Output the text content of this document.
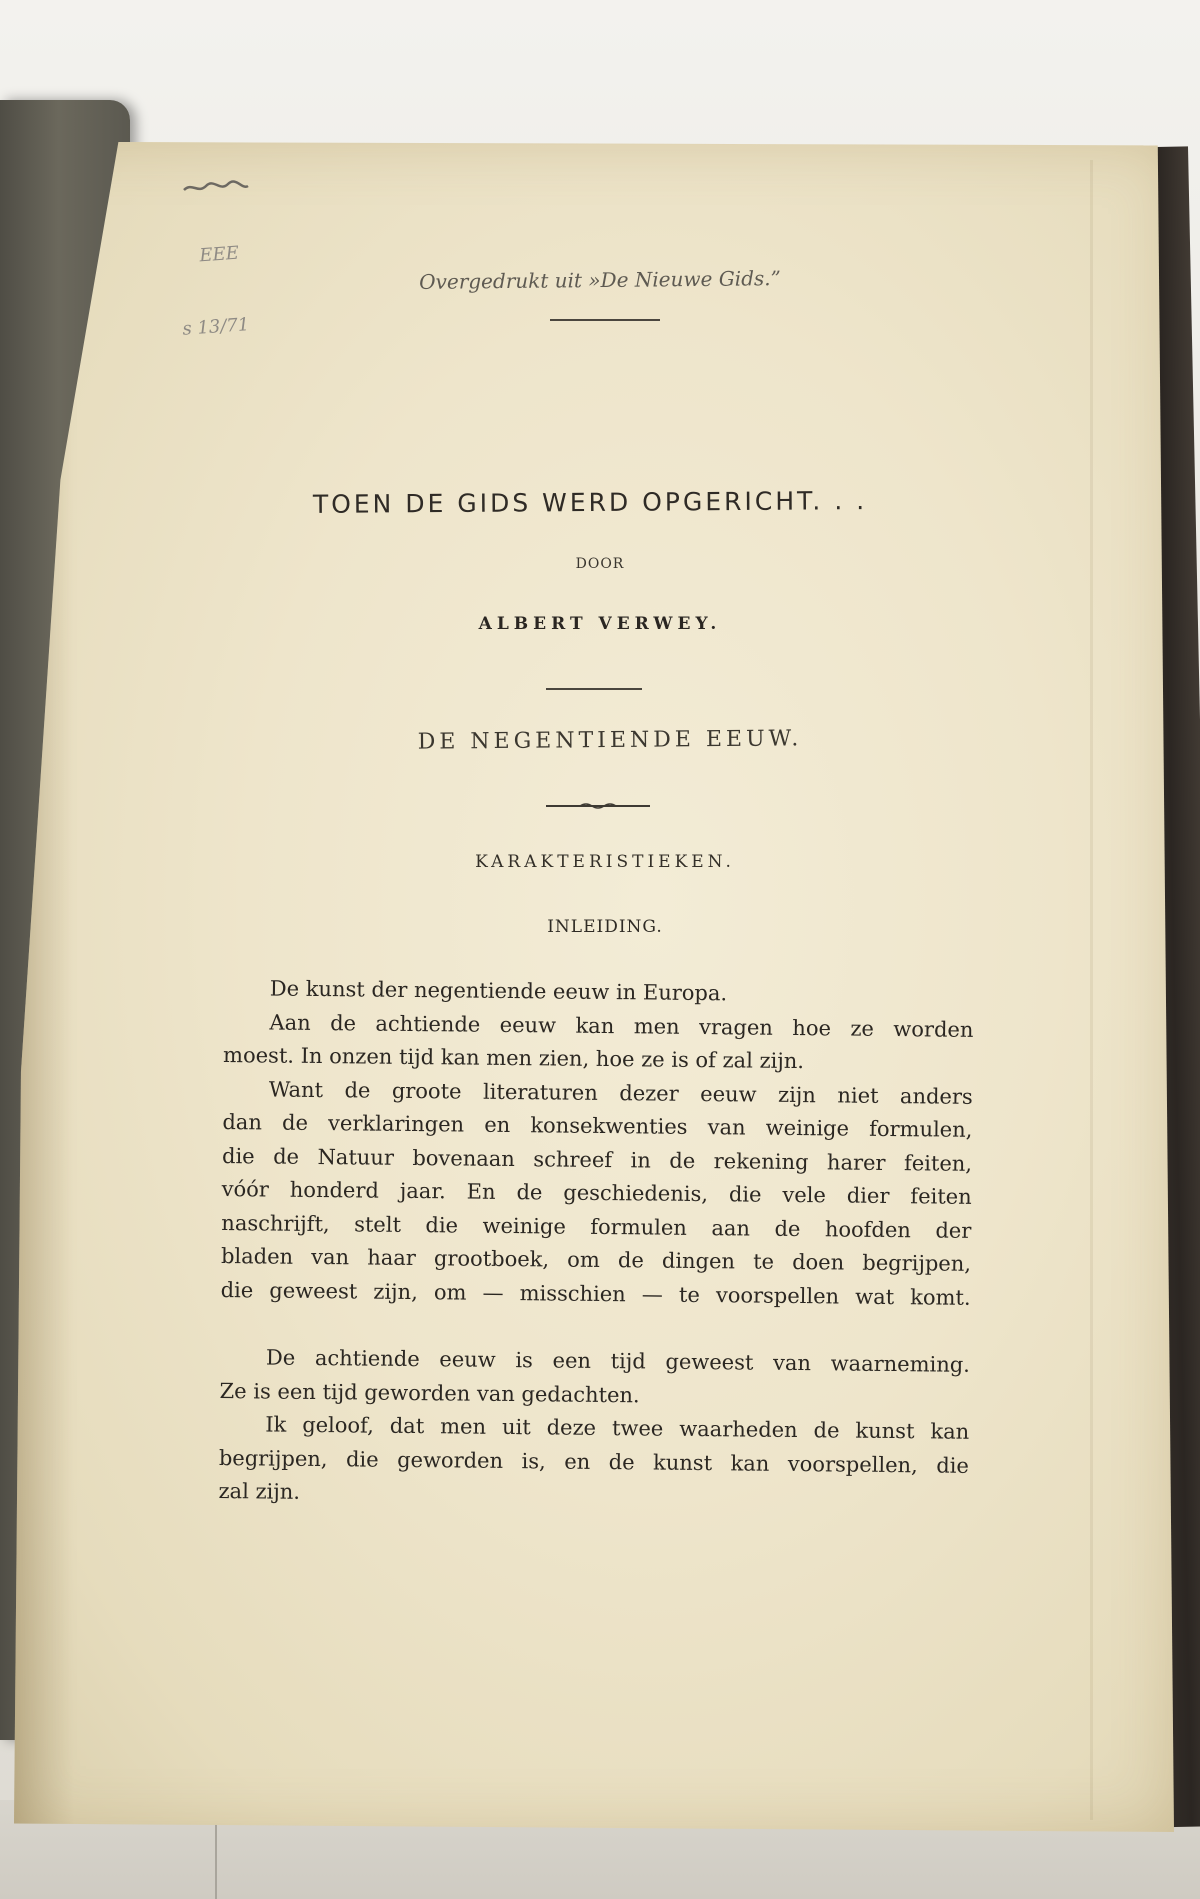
EEE

s 13/71

Overgedrukt uit »De Nieuwe Gids.”
TOEN DE GIDS WERD OPGERICHT. . .
DOOR
ALBERT VERWEY.
DE NEGENTIENDE EEUW.
KARAKTERISTIEKEN.
INLEIDING.
De kunst der negentiende eeuw in Europa.
Aan de achtiende eeuw kan men vragen hoe ze worden
moest. In onzen tijd kan men zien, hoe ze is of zal zijn.
Want de groote literaturen dezer eeuw zijn niet anders
dan de verklaringen en konsekwenties van weinige formulen,
die de Natuur bovenaan schreef in de rekening harer feiten,
vóór honderd jaar. En de geschiedenis, die vele dier feiten
naschrijft, stelt die weinige formulen aan de hoofden der
bladen van haar grootboek, om de dingen te doen begrijpen,
die geweest zijn, om — misschien — te voorspellen wat komt.
De achtiende eeuw is een tijd geweest van waarneming.
Ze is een tijd geworden van gedachten.
Ik geloof, dat men uit deze twee waarheden de kunst kan
begrijpen, die geworden is, en de kunst kan voorspellen, die
zal zijn.
